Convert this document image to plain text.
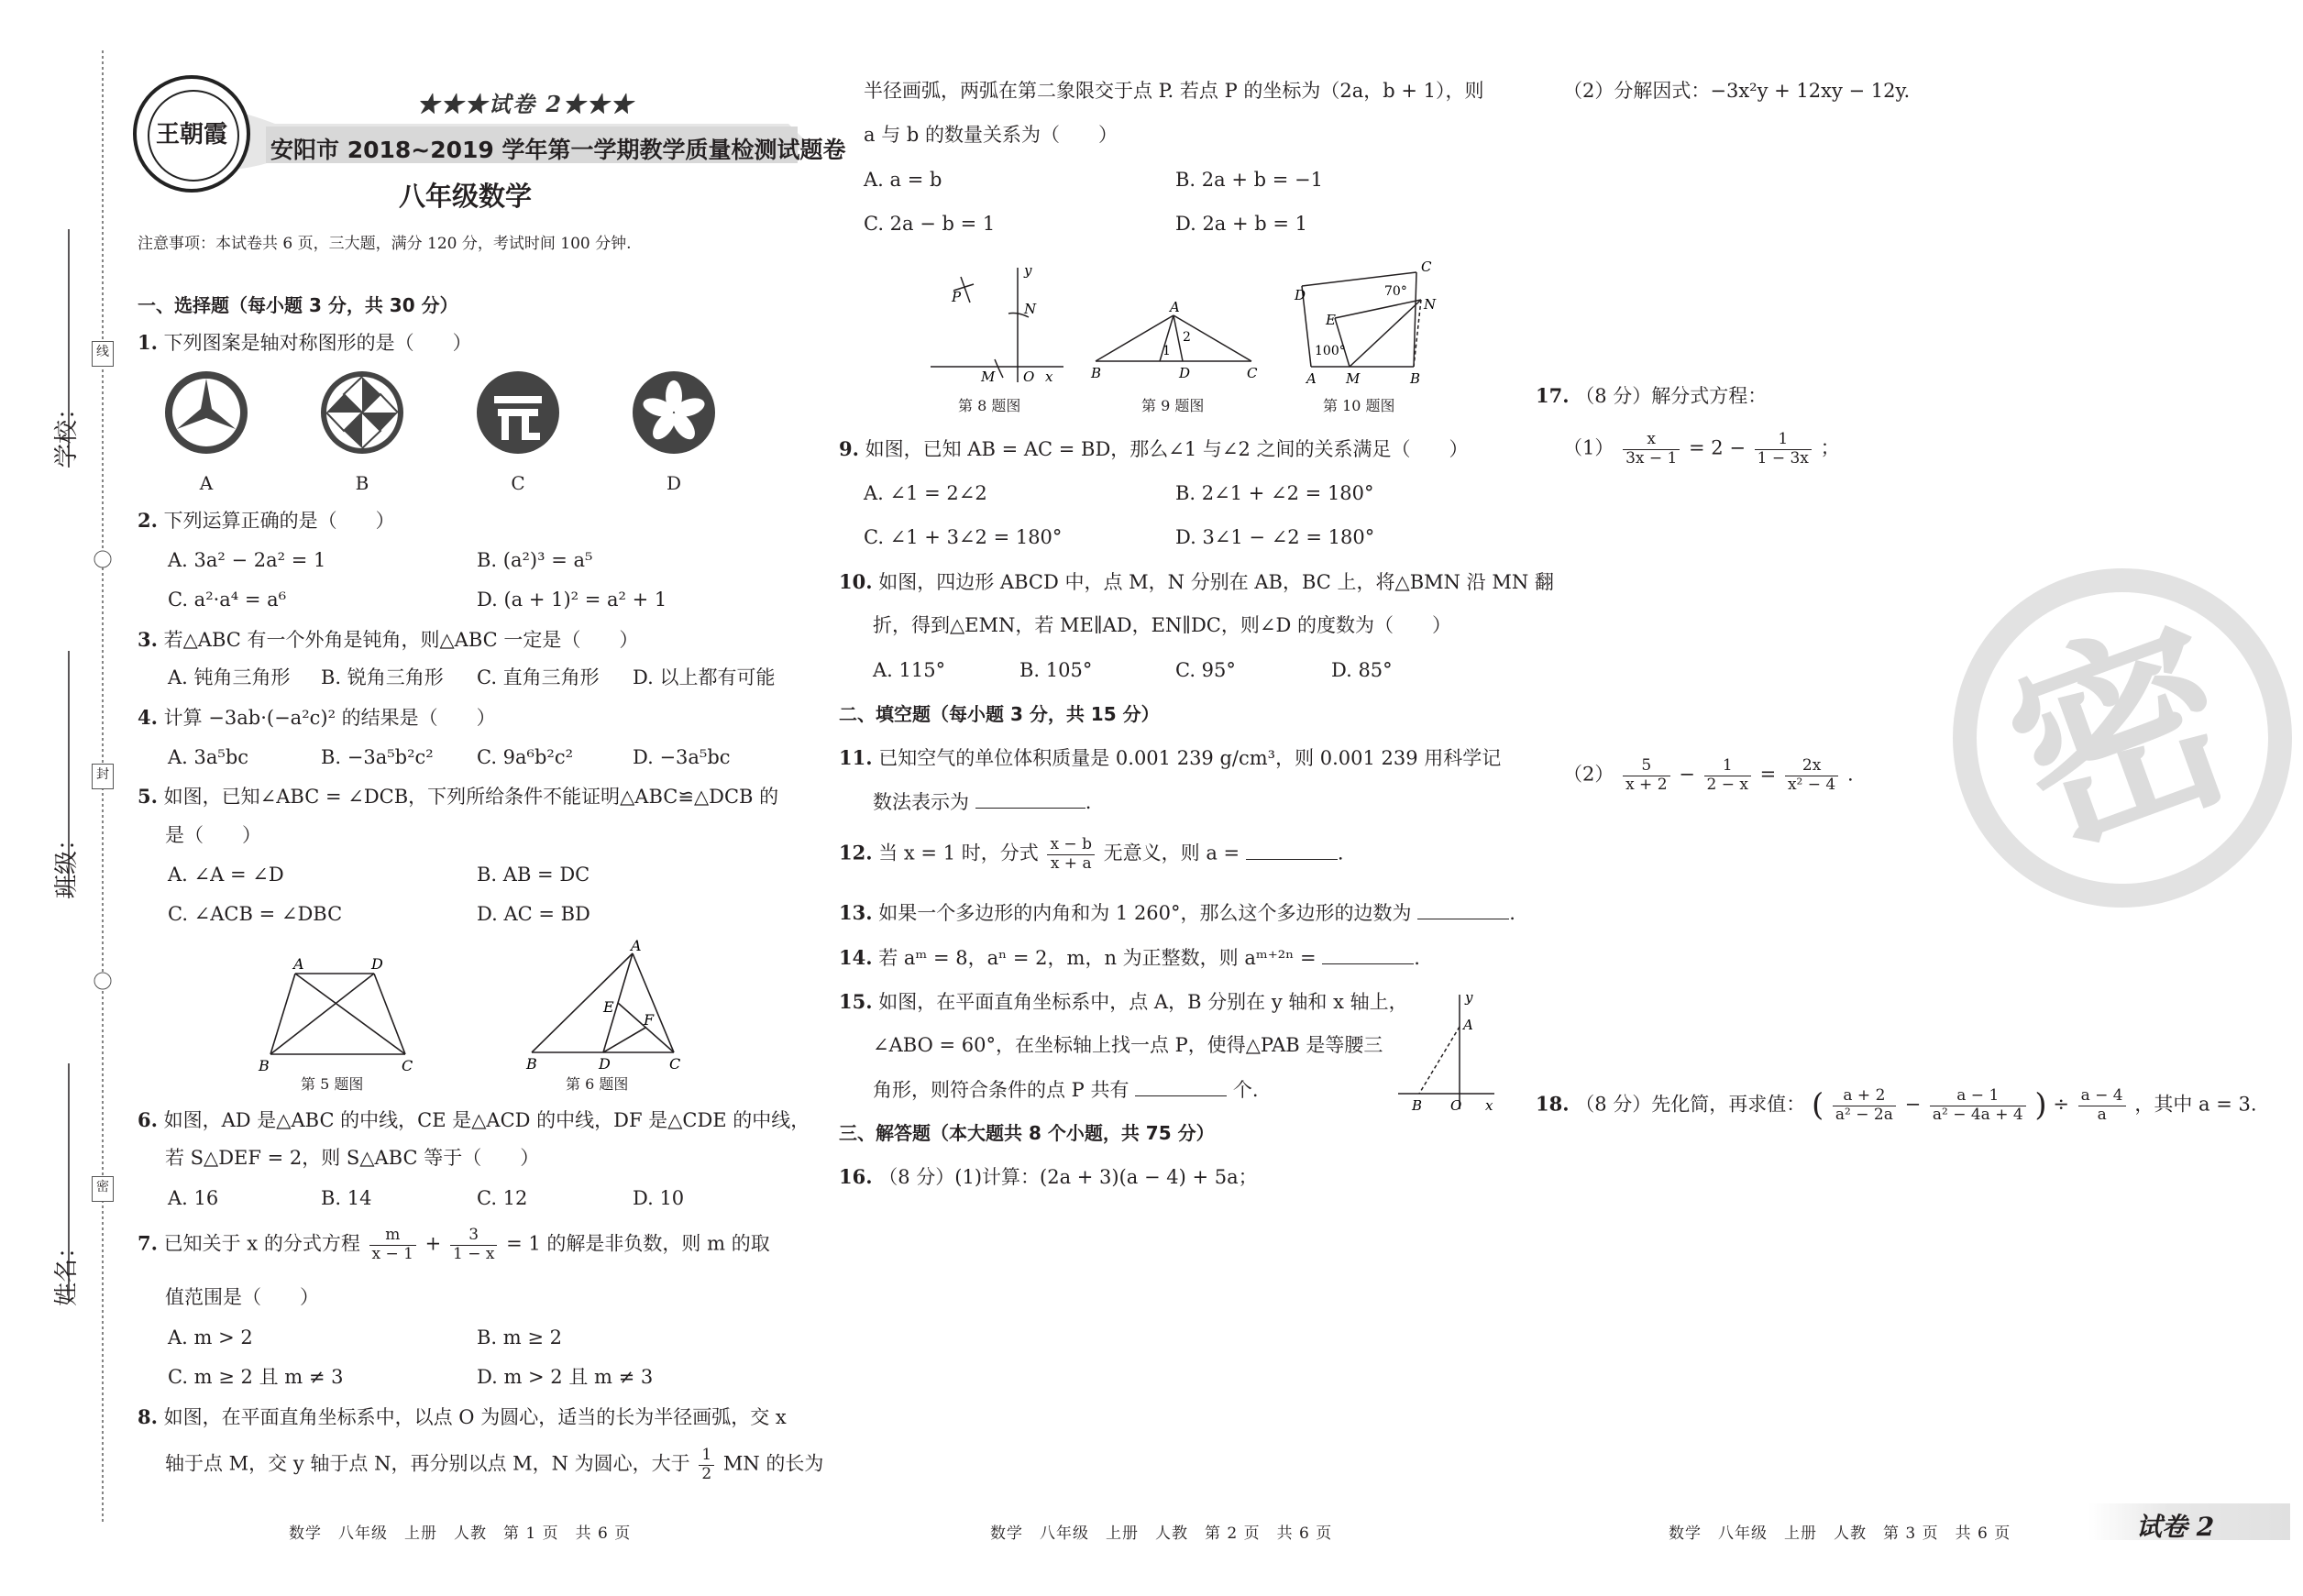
学校：
班级：
姓名：
线
封
密
王朝霞
★★★试卷 2★★★
安阳市 2018~2019 学年第一学期教学质量检测试题卷
八年级数学
注意事项：本试卷共 6 页，三大题，满分 120 分，考试时间 100 分钟.
一、选择题（每小题 3 分，共 30 分）
1. 下列图案是轴对称图形的是（　　）
A	B	C	D
2. 下列运算正确的是（　　）
A. 3a² − 2a² = 1	B. (a²)³ = a⁵
C. a²·a⁴ = a⁶	D. (a + 1)² = a² + 1
3. 若△ABC 有一个外角是钝角，则△ABC 一定是（　　）
A. 钝角三角形 B. 锐角三角形 C. 直角三角形 D. 以上都有可能
4. 计算 −3ab·(−a²c)² 的结果是（　　）
A. 3a⁵bc	B. −3a⁵b²c² C. 9a⁶b²c²	D. −3a⁵bc
5. 如图，已知∠ABC = ∠DCB，下列所给条件不能证明△ABC≌△DCB 的
是（　　）
A. ∠A = ∠D	B. AB = DC
C. ∠ACB = ∠DBC	D. AC = BD
A	D
B	C
A
E
F
B	D	C
第 5 题图	第 6 题图
6. 如图，AD 是△ABC 的中线，CE 是△ACD 的中线，DF 是△CDE 的中线，
若 S△DEF = 2，则 S△ABC 等于（　　）
A. 16	B. 14	C. 12	D. 10
7. 已知关于 x 的分式方程 $\frac{m}{x - 1} + \frac{3}{1 - x} = 1$ 的解是非负数，则 m 的取
值范围是（　　）
A. m > 2	B. m ≥ 2
C. m ≥ 2 且 m ≠ 3	D. m > 2 且 m ≠ 3
8. 如图，在平面直角坐标系中，以点 O 为圆心，适当的长为半径画弧，交 x
轴于点 M，交 y 轴于点 N，再分别以点 M，N 为圆心，大于 $\frac{1}{2}$ MN 的长为
半径画弧，两弧在第二象限交于点 P. 若点 P 的坐标为（2a，b + 1），则
a 与 b 的数量关系为（　　）
A. a = b	B. 2a + b = −1
C. 2a − b = 1	D. 2a + b = 1
P
y
N
M O x
A
1
2
B	D	C
D
C
N
70°
E
100°
A M	B
第 8 题图	第 9 题图	第 10 题图
9. 如图，已知 AB = AC = BD，那么∠1 与∠2 之间的关系满足（　　）
A. ∠1 = 2∠2	B. 2∠1 + ∠2 = 180°
C. ∠1 + 3∠2 = 180°	D. 3∠1 − ∠2 = 180°
10. 如图，四边形 ABCD 中，点 M，N 分别在 AB，BC 上，将△BMN 沿 MN 翻
折，得到△EMN，若 ME∥AD，EN∥DC，则∠D 的度数为（　　）
A. 115°	B. 105°	C. 95°	D. 85°
二、填空题（每小题 3 分，共 15 分）
11. 已知空气的单位体积质量是 0.001 239 g/cm³，则 0.001 239 用科学记
数法表示为	.
12. 当 x = 1 时，分式 $\frac{x - b}{x + a}$ 无意义，则 a =	.
13. 如果一个多边形的内角和为 1 260°，那么这个多边形的边数为	.
14. 若 aᵐ = 8，aⁿ = 2，m，n 为正整数，则 aᵐ⁺²ⁿ =	.
15. 如图，在平面直角坐标系中，点 A，B 分别在 y 轴和 x 轴上，
∠ABO = 60°，在坐标轴上找一点 P，使得△PAB 是等腰三
角形，则符合条件的点 P 共有	个.
y
A
B O x
三、解答题（本大题共 8 个小题，共 75 分）
16. （8 分）(1)计算：(2a + 3)(a − 4) + 5a；
（2）分解因式：−3x²y + 12xy − 12y.
17. （8 分）解分式方程：
$(1) \frac{x}{3x - 1} = 2 - \frac{1}{1 - 3x}$ ；
$(2) \frac{5}{x + 2} - \frac{1}{2 - x} = \frac{2x}{\text{x² − 4}}$ .
18. （8 分）先化简，再求值： ( $\frac{a + 2}{\text{a² − 2a}} - \frac{a - 1}{\text{a² − 4a + 4}}$ ) ÷ $\frac{a - 4}{a}$ ，其中 a = 3.
密
数学　八年级　上册　人教　第 1 页　共 6 页	数学　八年级　上册　人教　第 2 页　共 6 页	数学　八年级　上册　人教　第 3 页　共 6 页	试卷 2
